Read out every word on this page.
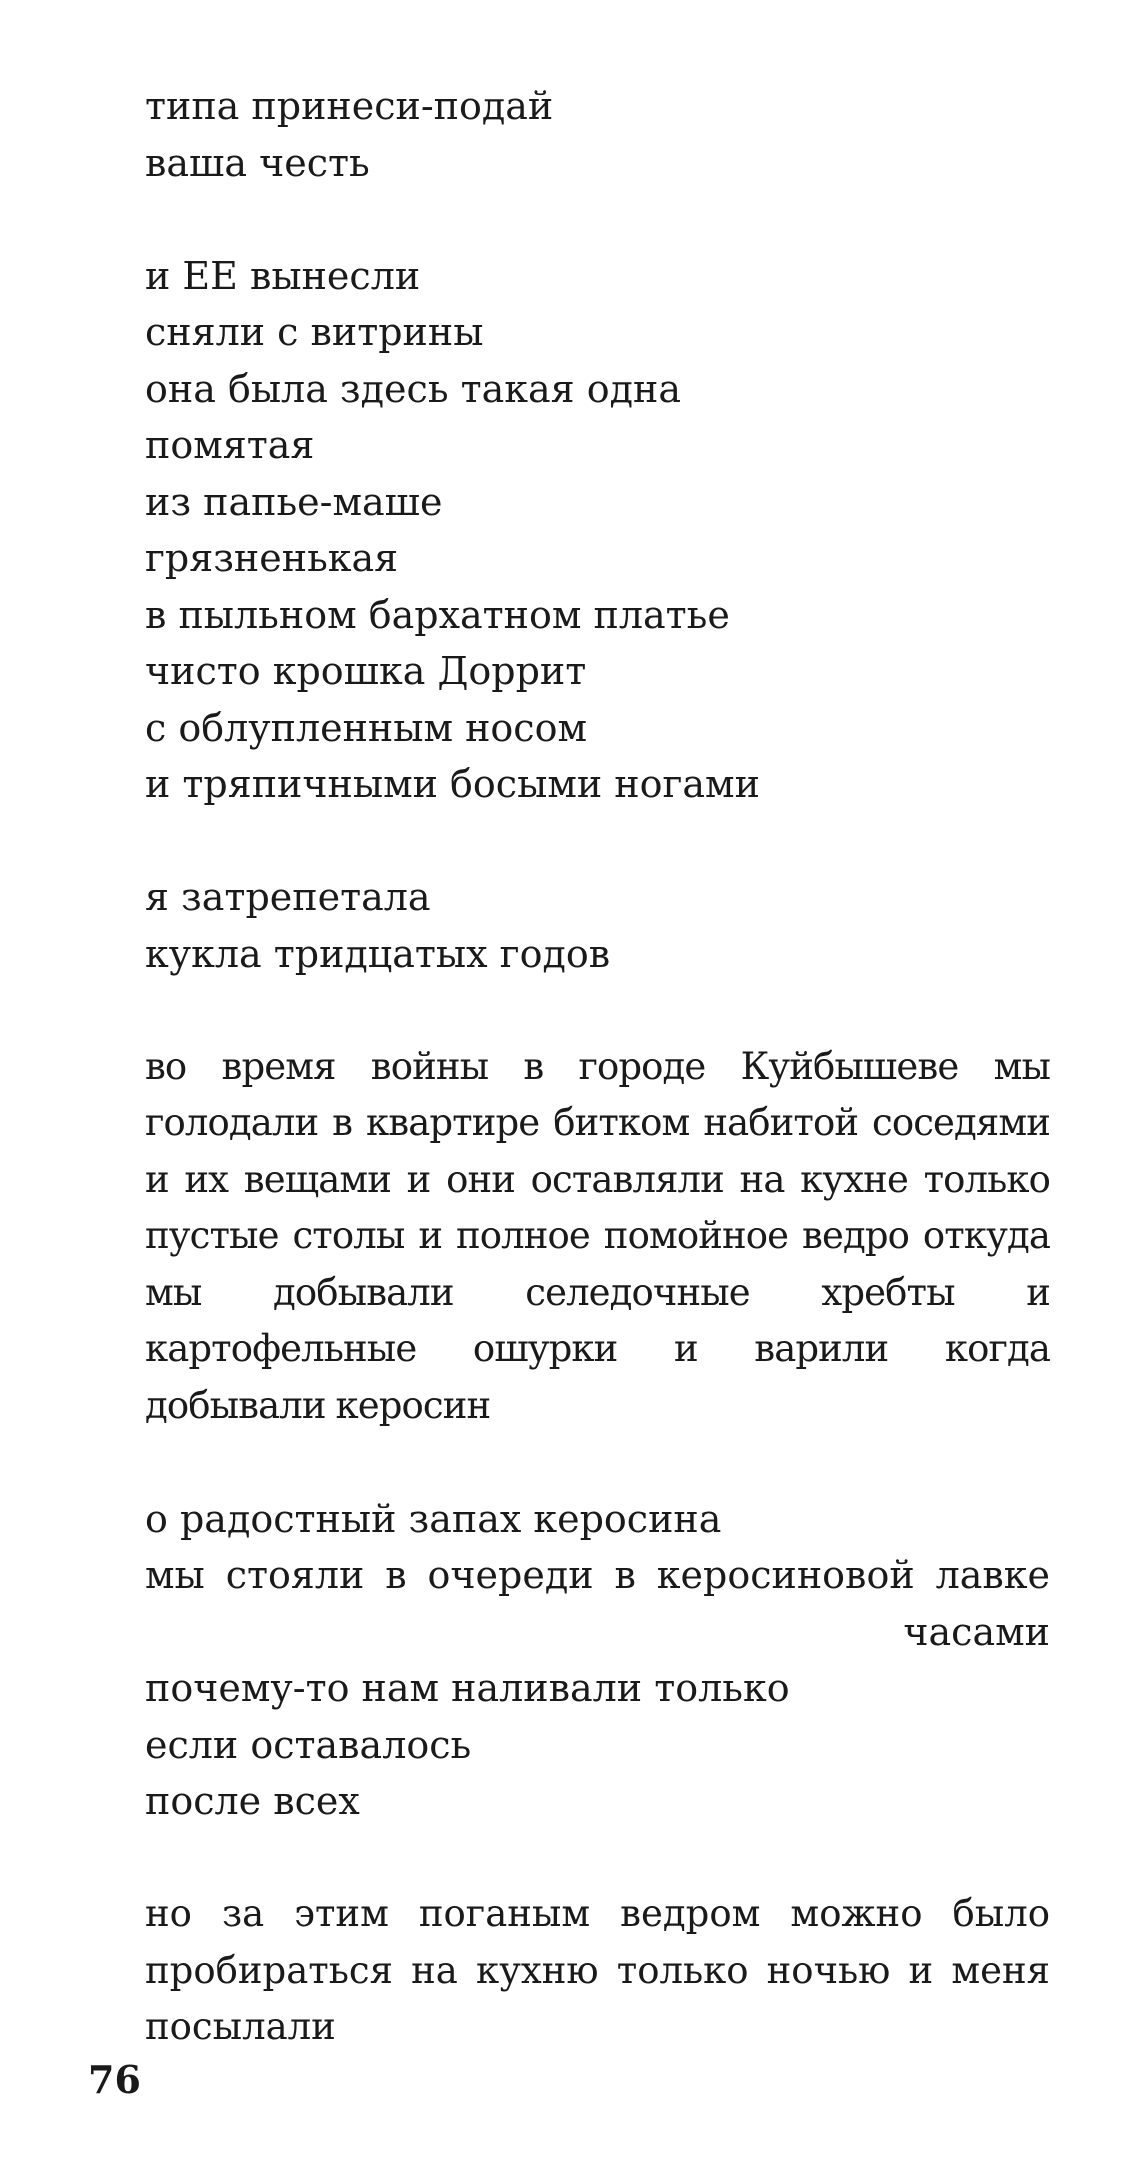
типа принеси-подай
ваша честь
и ЕЕ вынесли
сняли с витрины
она была здесь такая одна
помятая
из папье-маше
грязненькая
в пыльном бархатном платье
чисто крошка Доррит
с облупленным носом
и тряпичными босыми ногами
я затрепетала
кукла тридцатых годов
во время войны в городе Куйбышеве мы голодали в квартире битком набитой соседями и их вещами и они оставляли на кухне только пустые столы и полное помойное ведро откуда мы добывали селедочные хребты и картофельные ошурки и варили когда добывали керосин
о радостный запах керосина
мы стояли в очереди в керосиновой лавке
часами
почему-то нам наливали только
если оставалось
после всех
но за этим поганым ведром можно было пробираться на кухню только ночью и меня посылали
76
